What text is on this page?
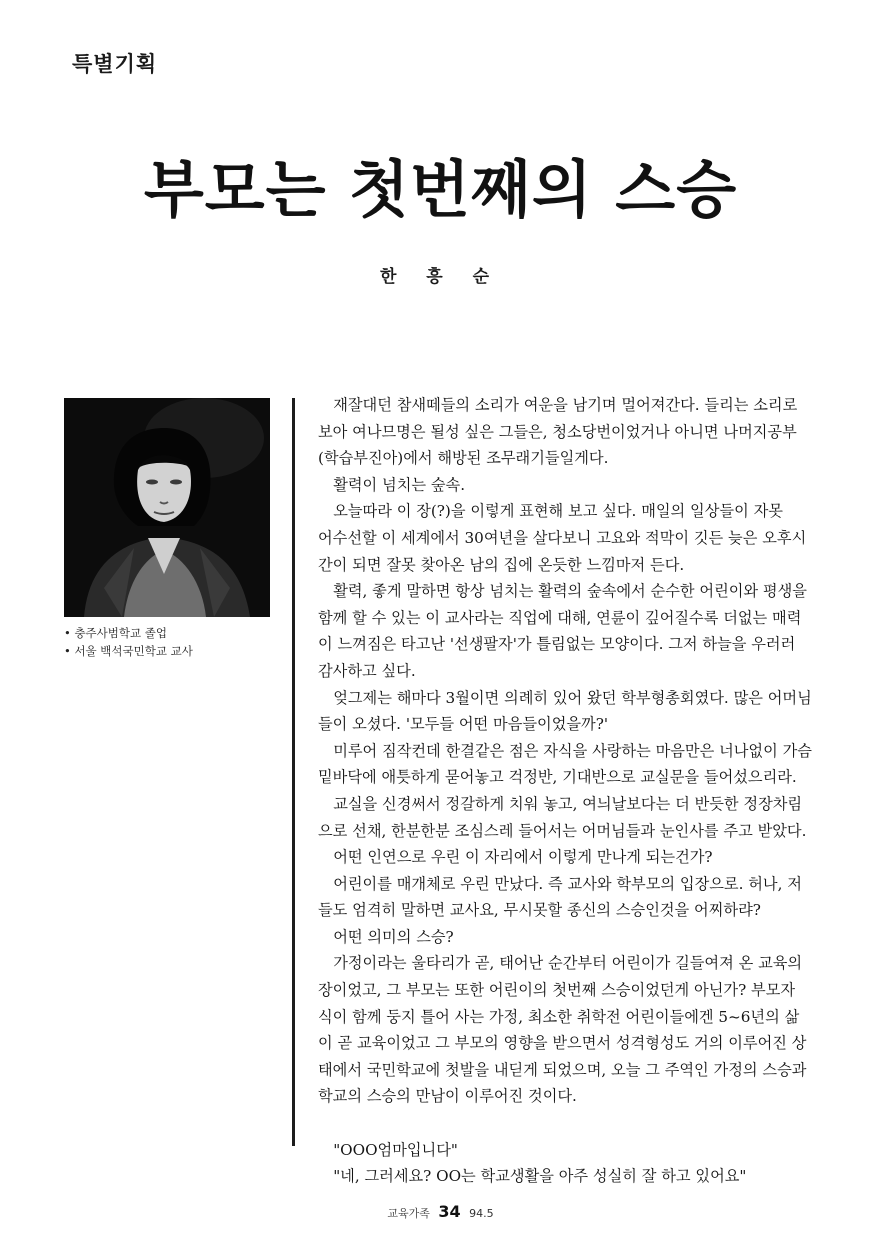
특별기획
부모는 첫번째의 스승
한 흥 순
• 충주사범학교 졸업
• 서울 백석국민학교 교사
　재잘대던 참새떼들의 소리가 여운을 남기며 멀어져간다. 들리는 소리로
보아 여나므명은 될성 싶은 그들은, 청소당번이었거나 아니면 나머지공부
(학습부진아)에서 해방된 조무래기들일게다.
　활력이 넘치는 숲속.
　오늘따라 이 장(?)을 이렇게 표현해 보고 싶다. 매일의 일상들이 자못
어수선할 이 세계에서 30여년을 살다보니 고요와 적막이 깃든 늦은 오후시
간이 되면 잘못 찾아온 남의 집에 온듯한 느낌마저 든다.
　활력, 좋게 말하면 항상 넘치는 활력의 숲속에서 순수한 어린이와 평생을
함께 할 수 있는 이 교사라는 직업에 대해, 연륜이 깊어질수록 더없는 매력
이 느껴짐은 타고난 '선생팔자'가 틀림없는 모양이다. 그저 하늘을 우러러
감사하고 싶다.
　엊그제는 해마다 3월이면 의례히 있어 왔던 학부형총회였다. 많은 어머님
들이 오셨다. '모두들 어떤 마음들이었을까?'
　미루어 짐작컨데 한결같은 점은 자식을 사랑하는 마음만은 너나없이 가슴
밑바닥에 애틋하게 묻어놓고 걱정반, 기대반으로 교실문을 들어섰으리라.
　교실을 신경써서 정갈하게 치워 놓고, 여늬날보다는 더 반듯한 정장차림
으로 선채, 한분한분 조심스레 들어서는 어머님들과 눈인사를 주고 받았다.
　어떤 인연으로 우린 이 자리에서 이렇게 만나게 되는건가?
　어린이를 매개체로 우린 만났다. 즉 교사와 학부모의 입장으로. 허나, 저
들도 엄격히 말하면 교사요, 무시못할 종신의 스승인것을 어찌하랴?
　어떤 의미의 스승?
　가정이라는 울타리가 곧, 태어난 순간부터 어린이가 길들여져 온 교육의
장이었고, 그 부모는 또한 어린이의 첫번째 스승이었던게 아닌가? 부모자
식이 함께 둥지 틀어 사는 가정, 최소한 취학전 어린이들에겐 5~6년의 삶
이 곧 교육이었고 그 부모의 영향을 받으면서 성격형성도 거의 이루어진 상
태에서 국민학교에 첫발을 내딛게 되었으며, 오늘 그 주역인 가정의 스승과
학교의 스승의 만남이 이루어진 것이다.
　"OOO엄마입니다"
　"네, 그러세요? OO는 학교생활을 아주 성실히 잘 하고 있어요"
교육가족 34 94.5
